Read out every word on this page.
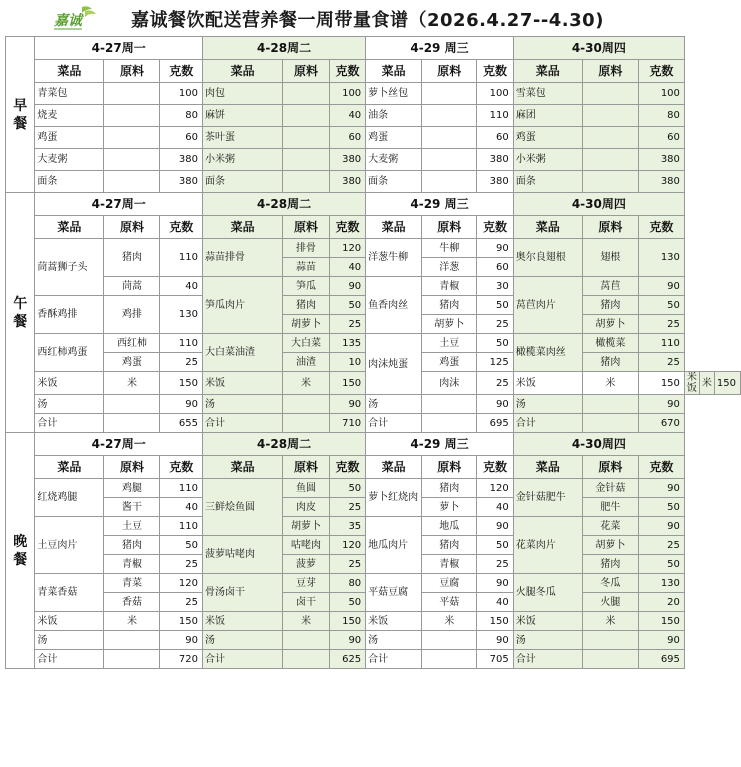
嘉诚	嘉诚餐饮配送营养餐一周带量食谱（2026.4.27--4.30)
早餐	4-27周一			4-28周二			4-29 周三			4-30周四					
	菜品	原料	克数	菜品	原料	克数	菜品	原料	克数	菜品	原料	克数			
	青菜包		100	肉包		100	萝卜丝包		100	雪菜包		100			
	烧麦		80	麻饼		40	油条		110	麻团		80			
	鸡蛋		60	茶叶蛋		60	鸡蛋		60	鸡蛋		60			
	大麦粥		380	小米粥		380	大麦粥		380	小米粥		380			
	面条		380	面条		380	面条		380	面条		380			
午餐	4-27周一			4-28周二			4-29 周三			4-30周四					
	菜品	原料	克数	菜品	原料	克数	菜品	原料	克数	菜品	原料	克数			
	茼蒿狮子头	猪肉	110	蒜苗排骨	排骨	120	洋葱牛柳	牛柳	90	奥尔良翅根	翅根	130			
					蒜苗	40		洋葱	60						
		茼蒿	40	笋瓜肉片	笋瓜	90	鱼香肉丝	青椒	30	莴苣肉片	莴苣	90			
	香酥鸡排	鸡排	130		猪肉	50		猪肉	50		猪肉	50			
					胡萝卜	25		胡萝卜	25		胡萝卜	25			
	西红柿鸡蛋	西红柿	110	大白菜油渣	大白菜	135	肉沫炖蛋	土豆	50	橄榄菜肉丝	橄榄菜	110			
		鸡蛋	25		油渣	10		鸡蛋	125		猪肉	25			
	米饭	米	150	米饭	米	150		肉沫	25	米饭	米	150	米饭	米	150
	汤		90	汤		90	汤		90	汤		90			
	合计		655	合计		710	合计		695	合计		670			
晚餐	4-27周一			4-28周二			4-29 周三			4-30周四					
	菜品	原料	克数	菜品	原料	克数	菜品	原料	克数	菜品	原料	克数			
	红烧鸡腿	鸡腿	110	三鲜烩鱼圆	鱼圆	50	萝卜红烧肉	猪肉	120	金针菇肥牛	金针菇	90			
		酱干	40		肉皮	25		萝卜	40		肥牛	50			
	土豆肉片	土豆	110		胡萝卜	35	地瓜肉片	地瓜	90	花菜肉片	花菜	90			
		猪肉	50	菠萝咕咾肉	咕咾肉	120		猪肉	50		胡萝卜	25			
		青椒	25		菠萝	25		青椒	25		猪肉	50			
	青菜香菇	青菜	120	骨汤卤干	豆芽	80	平菇豆腐	豆腐	90	火腿冬瓜	冬瓜	130			
		香菇	25		卤干	50		平菇	40		火腿	20			
	米饭	米	150	米饭	米	150	米饭	米	150	米饭	米	150			
	汤		90	汤		90	汤		90	汤		90			
	合计		720	合计		625	合计		705	合计		695			
